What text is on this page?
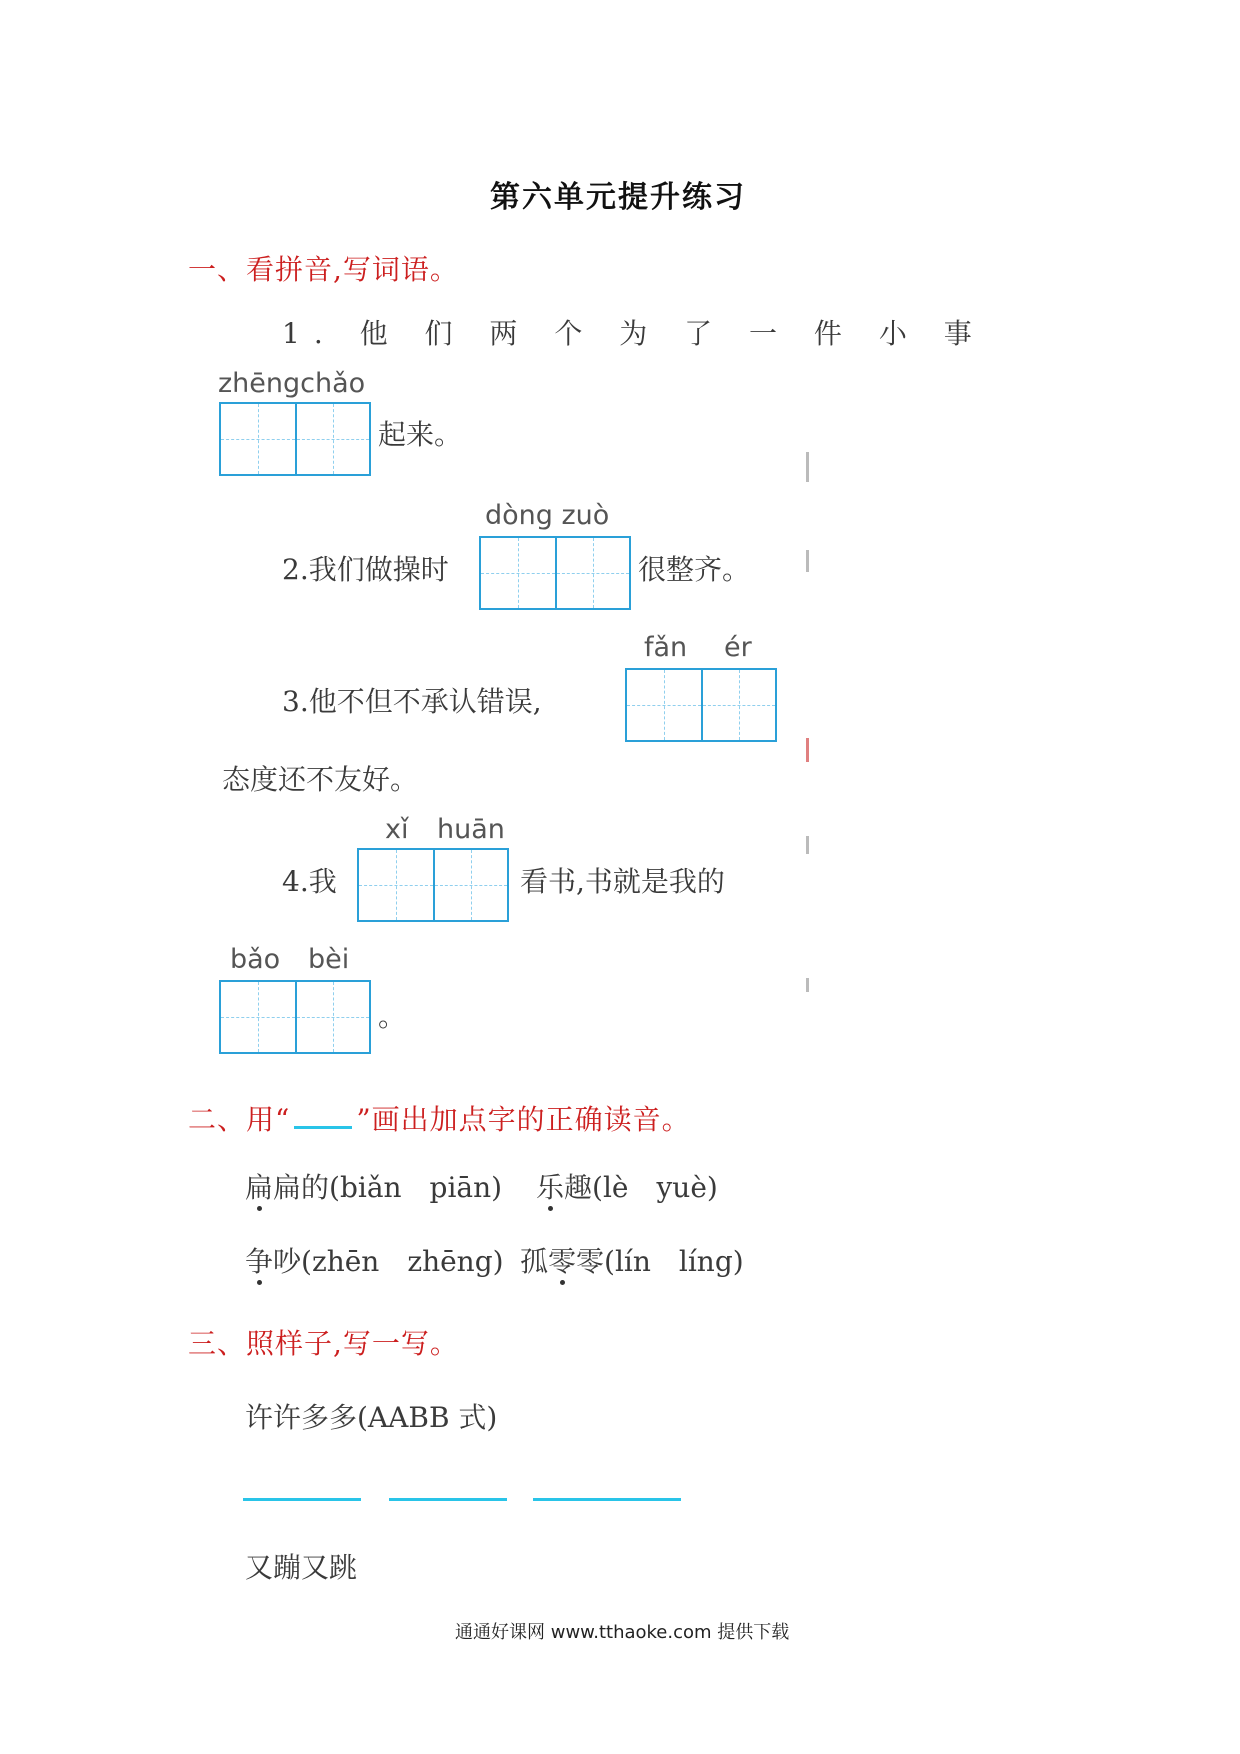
第六单元提升练习
一、看拼音,写词语。
1. 他 们 两 个 为 了 一 件 小 事
zhēngchǎo
起来。
dòng zuò
2.我们做操时	很整齐。
fǎn ér
3.他不但不承认错误,
态度还不友好。
xǐ huān
4.我	看书,书就是我的
bǎo bèi
。
二、用“ ”画出加点字的正确读音。
扁扁的(biǎn　piān) 乐趣(lè　yuè)
争吵(zhēn　zhēng) 孤零零(lín　líng)
三、照样子,写一写。
许许多多(AABB 式)
又蹦又跳
通通好课网 www.tthaoke.com 提供下载
